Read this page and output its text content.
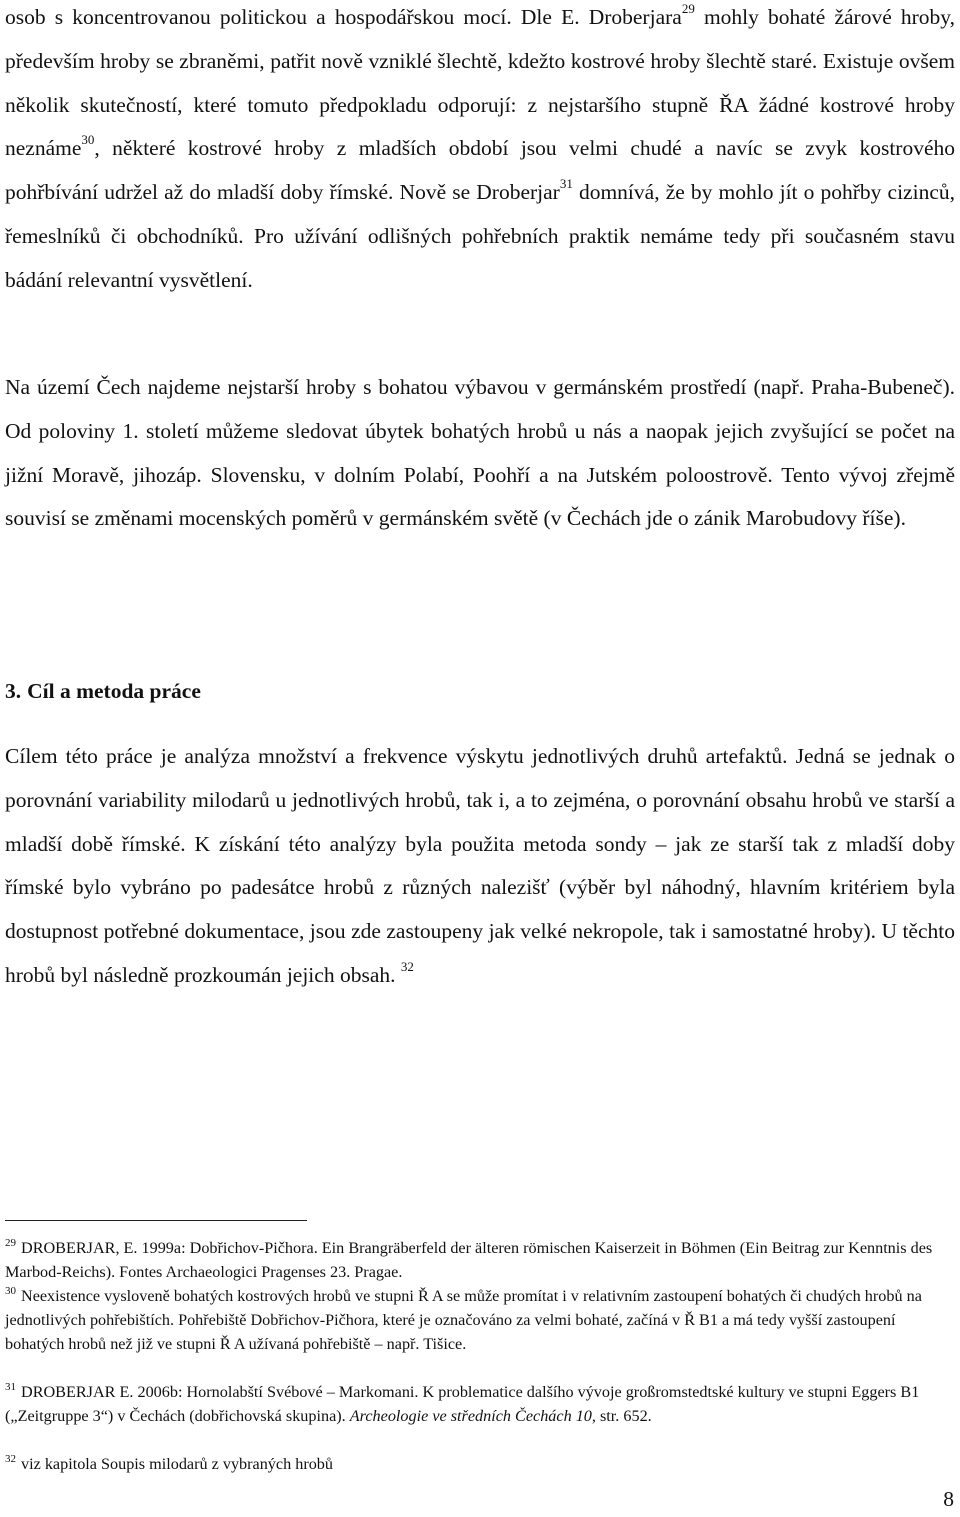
osob s koncentrovanou politickou a hospodářskou mocí. Dle E. Droberjara$^{29}$ mohly bohaté žárové hroby, především hroby se zbraněmi, patřit nově vzniklé šlechtě, kdežto kostrové hroby šlechtě staré. Existuje ovšem několik skutečností, které tomuto předpokladu odporují: z nejstaršího stupně ŘA žádné kostrové hroby neznáme$^{30}$, některé kostrové hroby z mladších období jsou velmi chudé a navíc se zvyk kostrového pohřbívání udržel až do mladší doby římské. Nově se Droberjar$^{31}$ domnívá, že by mohlo jít o pohřby cizinců, řemeslníků či obchodníků. Pro užívání odlišných pohřebních praktik nemáme tedy při současném stavu bádání relevantní vysvětlení.

Na území Čech najdeme nejstarší hroby s bohatou výbavou v germánském prostředí (např. Praha-Bubeneč). Od poloviny 1. století můžeme sledovat úbytek bohatých hrobů u nás a naopak jejich zvyšující se počet na jižní Moravě, jihozáp. Slovensku, v dolním Polabí, Poohří a na Jutském poloostrově. Tento vývoj zřejmě souvisí se změnami mocenských poměrů v germánském světě (v Čechách jde o zánik Marobudovy říše).

3. Cíl a metoda práce

Cílem této práce je analýza množství a frekvence výskytu jednotlivých druhů artefaktů. Jedná se jednak o porovnání variability milodarů u jednotlivých hrobů, tak i, a to zejména, o porovnání obsahu hrobů ve starší a mladší době římské. K získání této analýzy byla použita metoda sondy – jak ze starší tak z mladší doby římské bylo vybráno po padesátce hrobů z různých nalezišť (výběr byl náhodný, hlavním kritériem byla dostupnost potřebné dokumentace, jsou zde zastoupeny jak velké nekropole, tak i samostatné hroby). U těchto hrobů byl následně prozkoumán jejich obsah. $^{32}$

$^{29}$ DROBERJAR, E. 1999a: Dobřichov-Pičhora. Ein Brangräberfeld der älteren römischen Kaiserzeit in Böhmen (Ein Beitrag zur Kenntnis des Marbod-Reichs). Fontes Archaeologici Pragenses 23. Pragae.

$^{30}$ Neexistence vysloveně bohatých kostrových hrobů ve stupni Ř A se může promítat i v relativním zastoupení bohatých či chudých hrobů na jednotlivých pohřebištích. Pohřebiště Dobřichov-Pičhora, které je označováno za velmi bohaté, začíná v Ř B1 a má tedy vyšší zastoupení bohatých hrobů než již ve stupni Ř A užívaná pohřebiště – např. Tišice.

$^{31}$ DROBERJAR E. 2006b: Hornolabští Svébové – Markomani. K problematice dalšího vývoje großromstedtské kultury ve stupni Eggers B1 („Zeitgruppe 3“) v Čechách (dobřichovská skupina). Archeologie ve středních Čechách 10, str. 652.

$^{32}$ viz kapitola Soupis milodarů z vybraných hrobů

8
